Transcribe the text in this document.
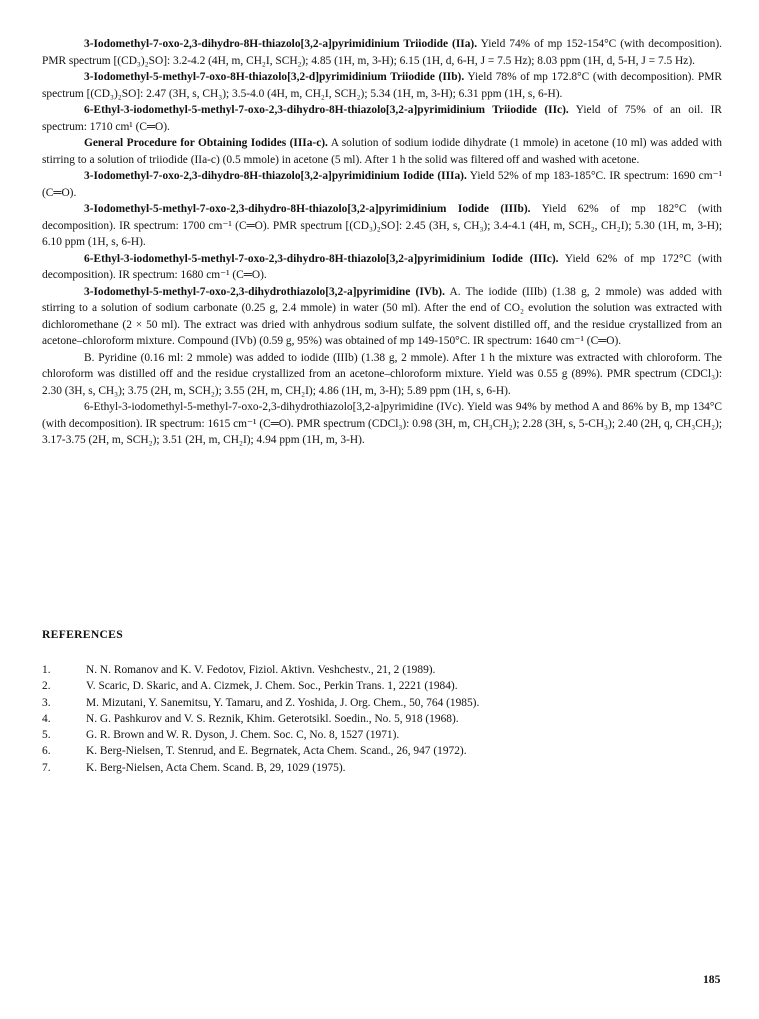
3-Iodomethyl-7-oxo-2,3-dihydro-8H-thiazolo[3,2-a]pyrimidinium Triiodide (IIa). Yield 74% of mp 152-154°C (with decomposition). PMR spectrum [(CD₃)₂SO]: 3.2-4.2 (4H, m, CH₂I, SCH₂); 4.85 (1H, m, 3-H); 6.15 (1H, d, 6-H, J = 7.5 Hz); 8.03 ppm (1H, d, 5-H, J = 7.5 Hz).

3-Iodomethyl-5-methyl-7-oxo-8H-thiazolo[3,2-d]pyrimidinium Triiodide (IIb). Yield 78% of mp 172.8°C (with decomposition). PMR spectrum [(CD₃)₂SO]: 2.47 (3H, s, CH₃); 3.5-4.0 (4H, m, CH₂I, SCH₂); 5.34 (1H, m, 3-H); 6.31 ppm (1H, s, 6-H).

6-Ethyl-3-iodomethyl-5-methyl-7-oxo-2,3-dihydro-8H-thiazolo[3,2-a]pyrimidinium Triiodide (IIc). Yield of 75% of an oil. IR spectrum: 1710 cm¹ (C═O).

General Procedure for Obtaining Iodides (IIIa-c). A solution of sodium iodide dihydrate (1 mmole) in acetone (10 ml) was added with stirring to a solution of triiodide (IIa-c) (0.5 mmole) in acetone (5 ml). After 1 h the solid was filtered off and washed with acetone.

3-Iodomethyl-7-oxo-2,3-dihydro-8H-thiazolo[3,2-a]pyrimidinium Iodide (IIIa). Yield 52% of mp 183-185°C. IR spectrum: 1690 cm⁻¹ (C═O).

3-Iodomethyl-5-methyl-7-oxo-2,3-dihydro-8H-thiazolo[3,2-a]pyrimidinium Iodide (IIIb). Yield 62% of mp 182°C (with decomposition). IR spectrum: 1700 cm⁻¹ (C═O). PMR spectrum [(CD₃)₂SO]: 2.45 (3H, s, CH₃); 3.4-4.1 (4H, m, SCH₂, CH₂I); 5.30 (1H, m, 3-H); 6.10 ppm (1H, s, 6-H).

6-Ethyl-3-iodomethyl-5-methyl-7-oxo-2,3-dihydro-8H-thiazolo[3,2-a]pyrimidinium Iodide (IIIc). Yield 62% of mp 172°C (with decomposition). IR spectrum: 1680 cm⁻¹ (C═O).

3-Iodomethyl-5-methyl-7-oxo-2,3-dihydrothiazolo[3,2-a]pyrimidine (IVb). A. The iodide (IIIb) (1.38 g, 2 mmole) was added with stirring to a solution of sodium carbonate (0.25 g, 2.4 mmole) in water (50 ml). After the end of CO₂ evolution the solution was extracted with dichloromethane (2 × 50 ml). The extract was dried with anhydrous sodium sulfate, the solvent distilled off, and the residue crystallized from an acetone–chloroform mixture. Compound (IVb) (0.59 g, 95%) was obtained of mp 149-150°C. IR spectrum: 1640 cm⁻¹ (C═O).

B. Pyridine (0.16 ml: 2 mmole) was added to iodide (IIIb) (1.38 g, 2 mmole). After 1 h the mixture was extracted with chloroform. The chloroform was distilled off and the residue crystallized from an acetone–chloroform mixture. Yield was 0.55 g (89%). PMR spectrum (CDCl₃): 2.30 (3H, s, CH₃); 3.75 (2H, m, SCH₂); 3.55 (2H, m, CH₂I); 4.86 (1H, m, 3-H); 5.89 ppm (1H, s, 6-H).

6-Ethyl-3-iodomethyl-5-methyl-7-oxo-2,3-dihydrothiazolo[3,2-a]pyrimidine (IVc). Yield was 94% by method A and 86% by B, mp 134°C (with decomposition). IR spectrum: 1615 cm⁻¹ (C═O). PMR spectrum (CDCl₃): 0.98 (3H, m, CH₃CH₂); 2.28 (3H, s, 5-CH₃); 2.40 (2H, q, CH₃CH₂); 3.17-3.75 (2H, m, SCH₂); 3.51 (2H, m, CH₂I); 4.94 ppm (1H, m, 3-H).

REFERENCES
1.	N. N. Romanov and K. V. Fedotov, Fiziol. Aktivn. Veshchestv., 21, 2 (1989).
2.	V. Scaric, D. Skaric, and A. Cizmek, J. Chem. Soc., Perkin Trans. 1, 2221 (1984).
3.	M. Mizutani, Y. Sanemitsu, Y. Tamaru, and Z. Yoshida, J. Org. Chem., 50, 764 (1985).
4.	N. G. Pashkurov and V. S. Reznik, Khim. Geterotsikl. Soedin., No. 5, 918 (1968).
5.	G. R. Brown and W. R. Dyson, J. Chem. Soc. C, No. 8, 1527 (1971).
6.	K. Berg-Nielsen, T. Stenrud, and E. Begrnatek, Acta Chem. Scand., 26, 947 (1972).
7.	K. Berg-Nielsen, Acta Chem. Scand. B, 29, 1029 (1975).
185
